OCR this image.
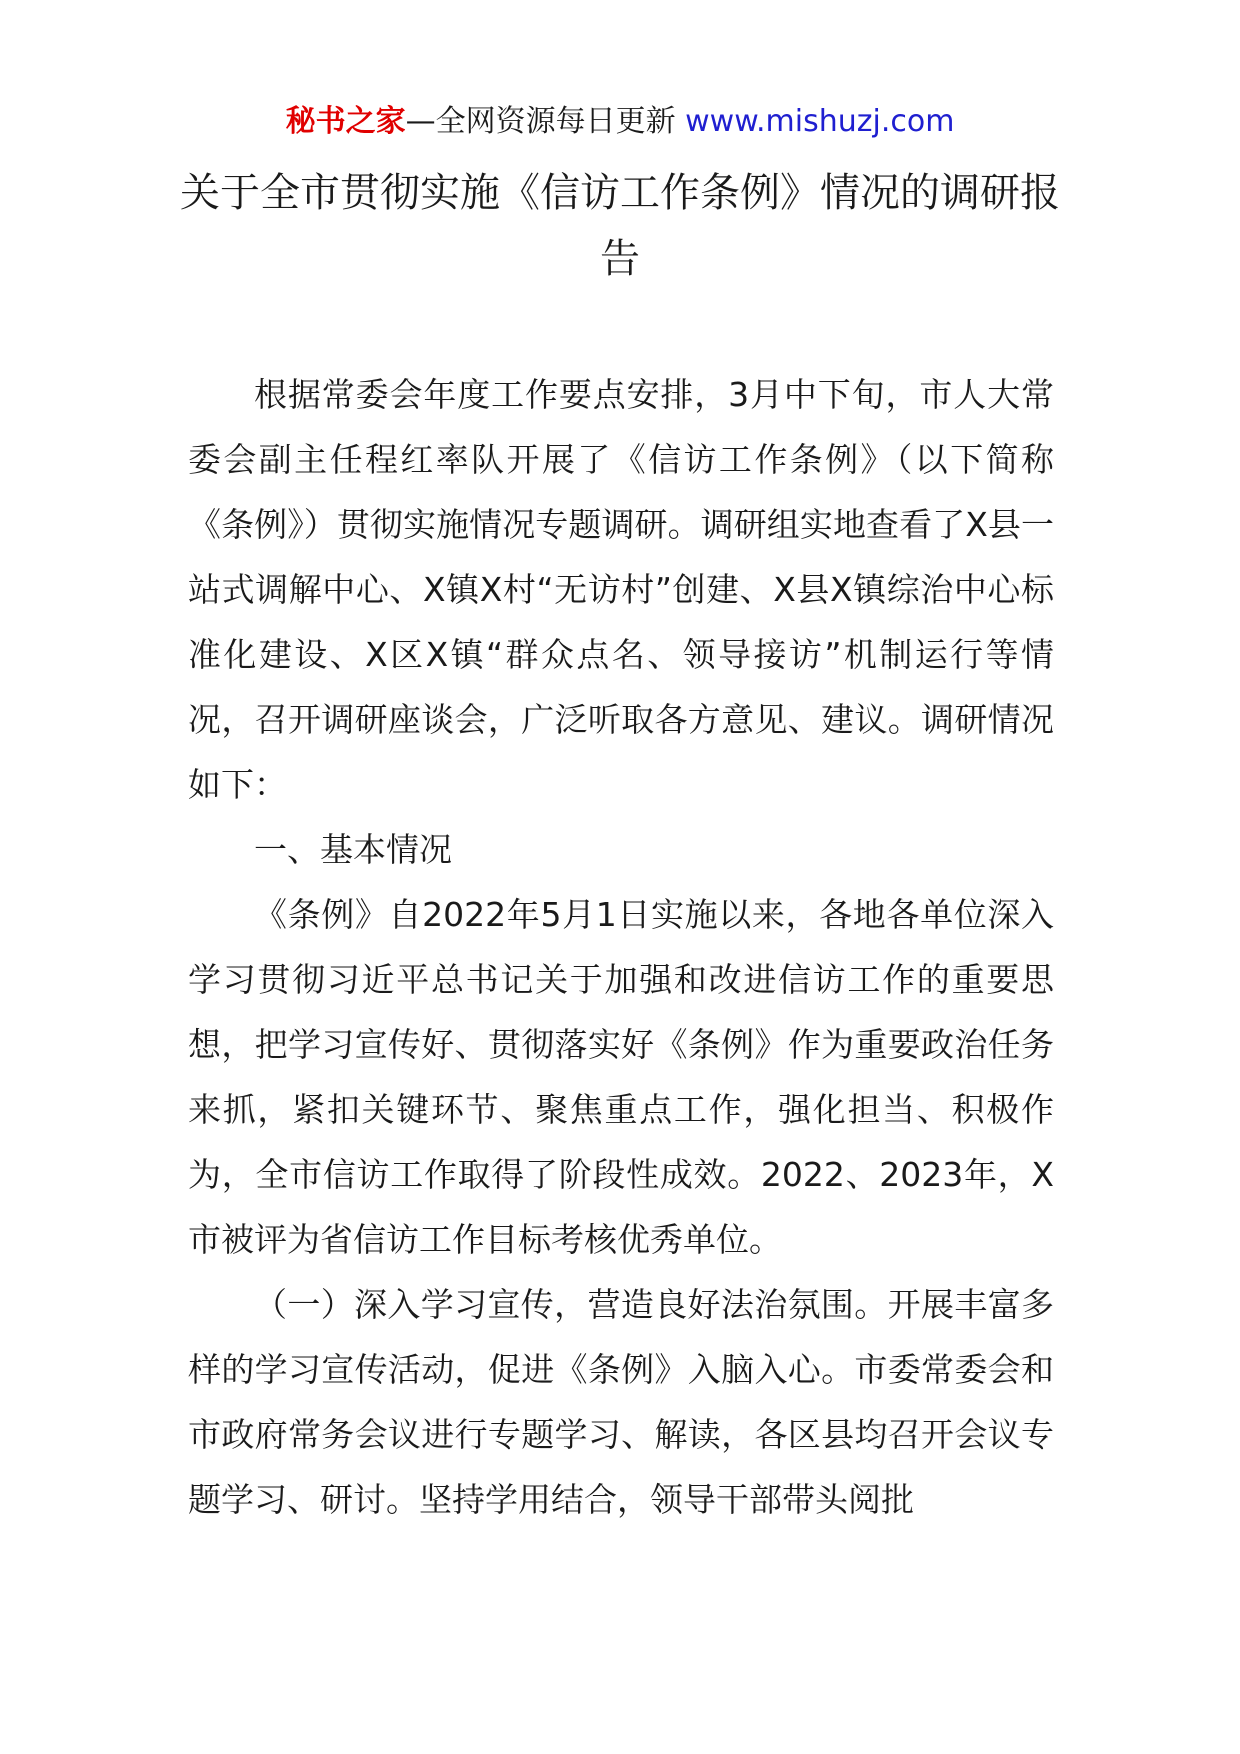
秘书之家—全网资源每日更新 www.mishuzj.com
关于全市贯彻实施《信访工作条例》情况的调研报告

根据常委会年度工作要点安排，3月中下旬，市人大常委会副主任程红率队开展了《信访工作条例》（以下简称《条例》）贯彻实施情况专题调研。调研组实地查看了X县一站式调解中心、X镇X村“无访村”创建、X县X镇综治中心标准化建设、X区X镇“群众点名、领导接访”机制运行等情况，召开调研座谈会，广泛听取各方意见、建议。调研情况如下：

一、基本情况

《条例》自2022年5月1日实施以来，各地各单位深入学习贯彻习近平总书记关于加强和改进信访工作的重要思想，把学习宣传好、贯彻落实好《条例》作为重要政治任务来抓，紧扣关键环节、聚焦重点工作，强化担当、积极作为，全市信访工作取得了阶段性成效。2022、2023年，X市被评为省信访工作目标考核优秀单位。

（一）深入学习宣传，营造良好法治氛围。开展丰富多样的学习宣传活动，促进《条例》入脑入心。市委常委会和市政府常务会议进行专题学习、解读，各区县均召开会议专题学习、研讨。坚持学用结合，领导干部带头阅批
